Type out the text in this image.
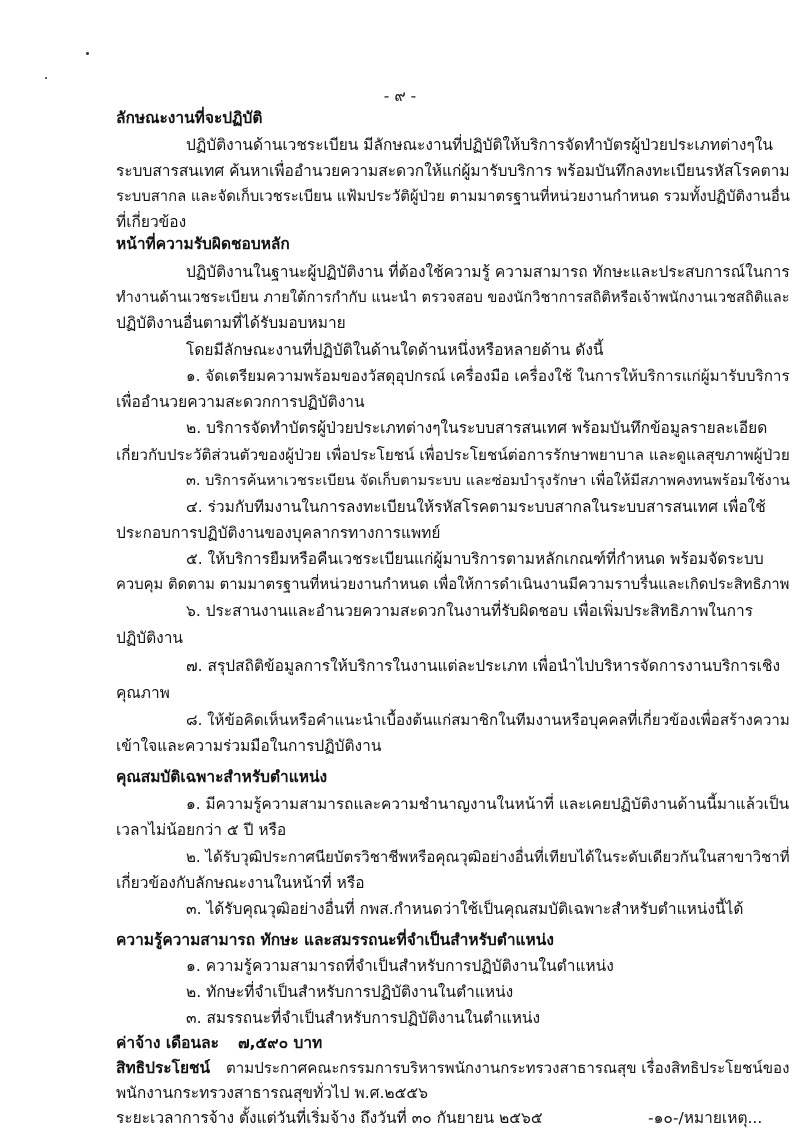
- ๙ -
ลักษณะงานที่จะปฏิบัติ
ปฏิบัติงานด้านเวชระเบียน มีลักษณะงานที่ปฏิบัติให้บริการจัดทำบัตรผู้ป่วยประเภทต่างๆใน
ระบบสารสนเทศ ค้นหาเพื่ออำนวยความสะดวกให้แก่ผู้มารับบริการ พร้อมบันทึกลงทะเบียนรหัสโรคตาม
ระบบสากล และจัดเก็บเวชระเบียน แฟ้มประวัติผู้ป่วย ตามมาตรฐานที่หน่วยงานกำหนด รวมทั้งปฏิบัติงานอื่น
ที่เกี่ยวข้อง
หน้าที่ความรับผิดชอบหลัก
ปฏิบัติงานในฐานะผู้ปฏิบัติงาน ที่ต้องใช้ความรู้ ความสามารถ ทักษะและประสบการณ์ในการ
ทำงานด้านเวชระเบียน ภายใต้การกำกับ แนะนำ ตรวจสอบ ของนักวิชาการสถิติหรือเจ้าพนักงานเวชสถิติและ
ปฏิบัติงานอื่นตามที่ได้รับมอบหมาย
โดยมีลักษณะงานที่ปฏิบัติในด้านใดด้านหนึ่งหรือหลายด้าน ดังนี้
๑. จัดเตรียมความพร้อมของวัสดุอุปกรณ์ เครื่องมือ เครื่องใช้ ในการให้บริการแก่ผู้มารับบริการ
เพื่ออำนวยความสะดวกการปฏิบัติงาน
๒. บริการจัดทำบัตรผู้ป่วยประเภทต่างๆในระบบสารสนเทศ พร้อมบันทึกข้อมูลรายละเอียด
เกี่ยวกับประวัติส่วนตัวของผู้ป่วย เพื่อประโยชน์ เพื่อประโยชน์ต่อการรักษาพยาบาล และดูแลสุขภาพผู้ป่วย
๓. บริการค้นหาเวชระเบียน จัดเก็บตามระบบ และซ่อมบำรุงรักษา เพื่อให้มีสภาพคงทนพร้อมใช้งาน
๔. ร่วมกับทีมงานในการลงทะเบียนให้รหัสโรคตามระบบสากลในระบบสารสนเทศ เพื่อใช้
ประกอบการปฏิบัติงานของบุคลากรทางการแพทย์
๕. ให้บริการยืมหรือคืนเวชระเบียนแก่ผู้มาบริการตามหลักเกณฑ์ที่กำหนด พร้อมจัดระบบ
ควบคุม ติดตาม ตามมาตรฐานที่หน่วยงานกำหนด เพื่อให้การดำเนินงานมีความราบรื่นและเกิดประสิทธิภาพ
๖. ประสานงานและอำนวยความสะดวกในงานที่รับผิดชอบ เพื่อเพิ่มประสิทธิภาพในการ
ปฏิบัติงาน
๗. สรุปสถิติข้อมูลการให้บริการในงานแต่ละประเภท เพื่อนำไปบริหารจัดการงานบริการเชิง
คุณภาพ
๘. ให้ข้อคิดเห็นหรือคำแนะนำเบื้องต้นแก่สมาชิกในทีมงานหรือบุคคลที่เกี่ยวข้องเพื่อสร้างความ
เข้าใจและความร่วมมือในการปฏิบัติงาน
คุณสมบัติเฉพาะสำหรับตำแหน่ง
๑. มีความรู้ความสามารถและความชำนาญงานในหน้าที่ และเคยปฏิบัติงานด้านนี้มาแล้วเป็น
เวลาไม่น้อยกว่า ๕ ปี หรือ
๒. ได้รับวุฒิประกาศนียบัตรวิชาชีพหรือคุณวุฒิอย่างอื่นที่เทียบได้ในระดับเดียวกันในสาขาวิชาที่
เกี่ยวข้องกับลักษณะงานในหน้าที่ หรือ
๓. ได้รับคุณวุฒิอย่างอื่นที่ กพส.กำหนดว่าใช้เป็นคุณสมบัติเฉพาะสำหรับตำแหน่งนี้ได้
ความรู้ความสามารถ ทักษะ และสมรรถนะที่จำเป็นสำหรับตำแหน่ง
๑. ความรู้ความสามารถที่จำเป็นสำหรับการปฏิบัติงานในตำแหน่ง
๒. ทักษะที่จำเป็นสำหรับการปฏิบัติงานในตำแหน่ง
๓. สมรรถนะที่จำเป็นสำหรับการปฏิบัติงานในตำแหน่ง
ค่าจ้าง เดือนละ ๗,๕๙๐ บาท
สิทธิประโยชน์ ตามประกาศคณะกรรมการบริหารพนักงานกระทรวงสาธารณสุข เรื่องสิทธิประโยชน์ของ
พนักงานกระทรวงสาธารณสุขทั่วไป พ.ศ.๒๕๕๖
ระยะเวลาการจ้าง ตั้งแต่วันที่เริ่มจ้าง ถึงวันที่ ๓๐ กันยายน ๒๕๖๕	-๑๐-/หมายเหตุ...
